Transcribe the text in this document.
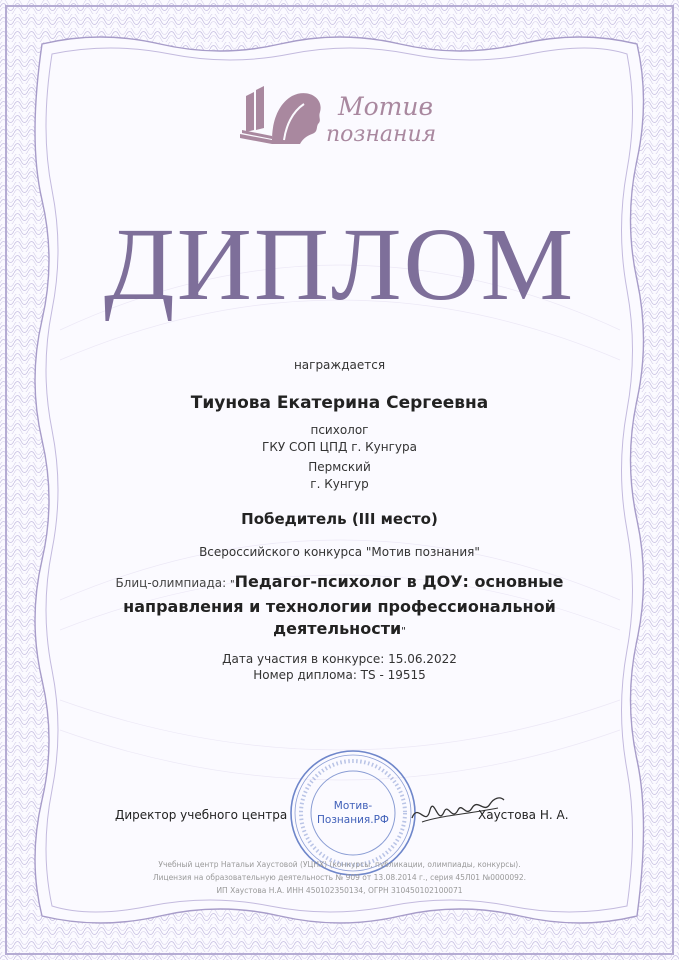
Мотив
познания
ДИПЛОМ
награждается
Тиунова Екатерина Сергеевна
психолог
ГКУ СОП ЦПД г. Кунгура
Пермский
г. Кунгур
Победитель (III место)
Всероссийского конкурса "Мотив познания"
Блиц-олимпиада: "Педагог-психолог в ДОУ: основные
направления и технологии профессиональной
деятельности"
Дата участия в конкурсе: 15.06.2022
Номер диплома: TS - 19515
Мотив-
Познания.РФ
Директор учебного центра	Хаустова Н. А.
Учебный центр Натальи Хаустовой (УЦНХ) (конкурсы, публикации, олимпиады, конкурсы).
Лицензия на образовательную деятельность № 909 от 13.08.2014 г., серия 45Л01 №0000092.
ИП Хаустова Н.А. ИНН 450102350134, ОГРН 310450102100071
